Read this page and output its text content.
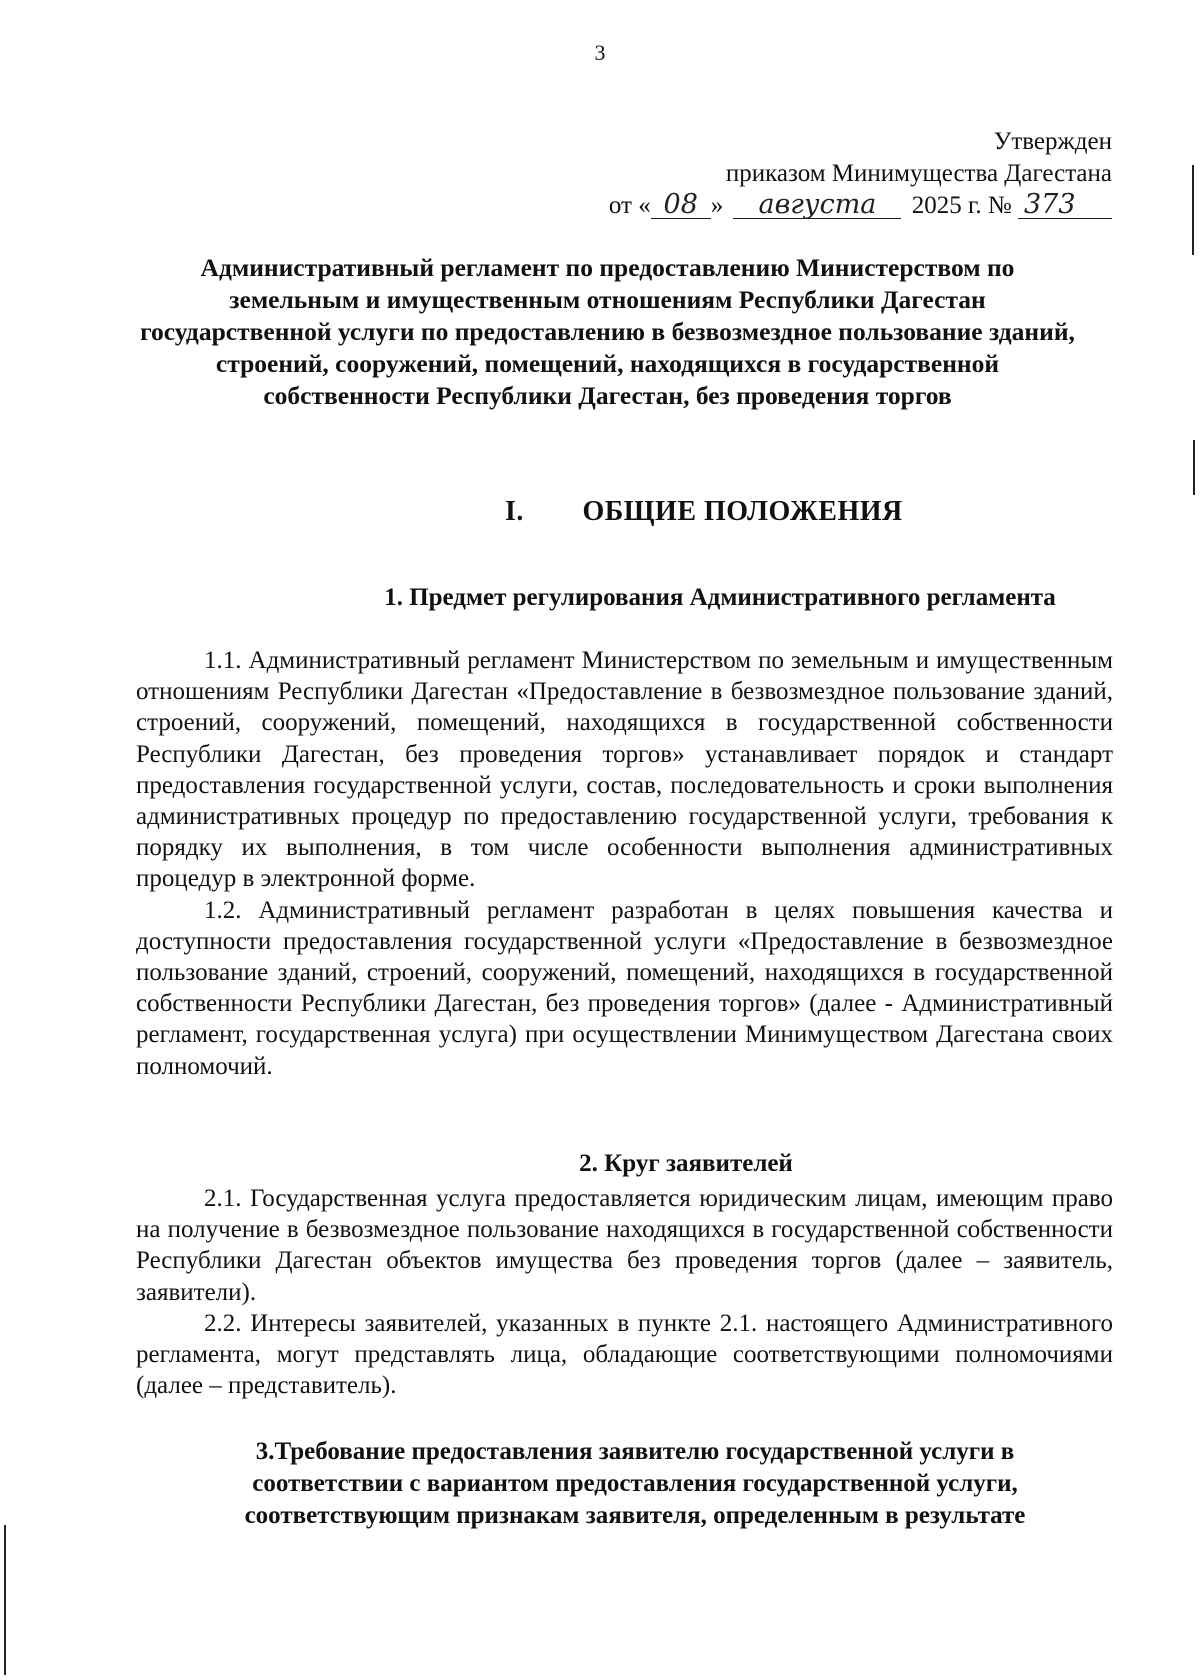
3
Утвержден
приказом Минимущества Дагестана
от « 08 » августа 2025 г. № 373
Административный регламент по предоставлению Министерством по земельным и имущественным отношениям Республики Дагестан государственной услуги по предоставлению в безвозмездное пользование зданий, строений, сооружений, помещений, находящихся в государственной собственности Республики Дагестан, без проведения торгов
I. ОБЩИЕ ПОЛОЖЕНИЯ
1. Предмет регулирования Административного регламента

1.1. Административный регламент Министерством по земельным и имущественным отношениям Республики Дагестан «Предоставление в безвозмездное пользование зданий, строений, сооружений, помещений, находящихся в государственной собственности Республики Дагестан, без проведения торгов» устанавливает порядок и стандарт предоставления государственной услуги, состав, последовательность и сроки выполнения административных процедур по предоставлению государственной услуги, требования к порядку их выполнения, в том числе особенности выполнения административных процедур в электронной форме.

1.2. Административный регламент разработан в целях повышения качества и доступности предоставления государственной услуги «Предоставление в безвозмездное пользование зданий, строений, сооружений, помещений, находящихся в государственной собственности Республики Дагестан, без проведения торгов» (далее - Административный регламент, государственная услуга) при осуществлении Минимуществом Дагестана своих полномочий.

2. Круг заявителей

2.1. Государственная услуга предоставляется юридическим лицам, имеющим право на получение в безвозмездное пользование находящихся в государственной собственности Республики Дагестан объектов имущества без проведения торгов (далее – заявитель, заявители).

2.2. Интересы заявителей, указанных в пункте 2.1. настоящего Административного регламента, могут представлять лица, обладающие соответствующими полномочиями (далее – представитель).

3.Требование предоставления заявителю государственной услуги в соответствии с вариантом предоставления государственной услуги, соответствующим признакам заявителя, определенным в результате
